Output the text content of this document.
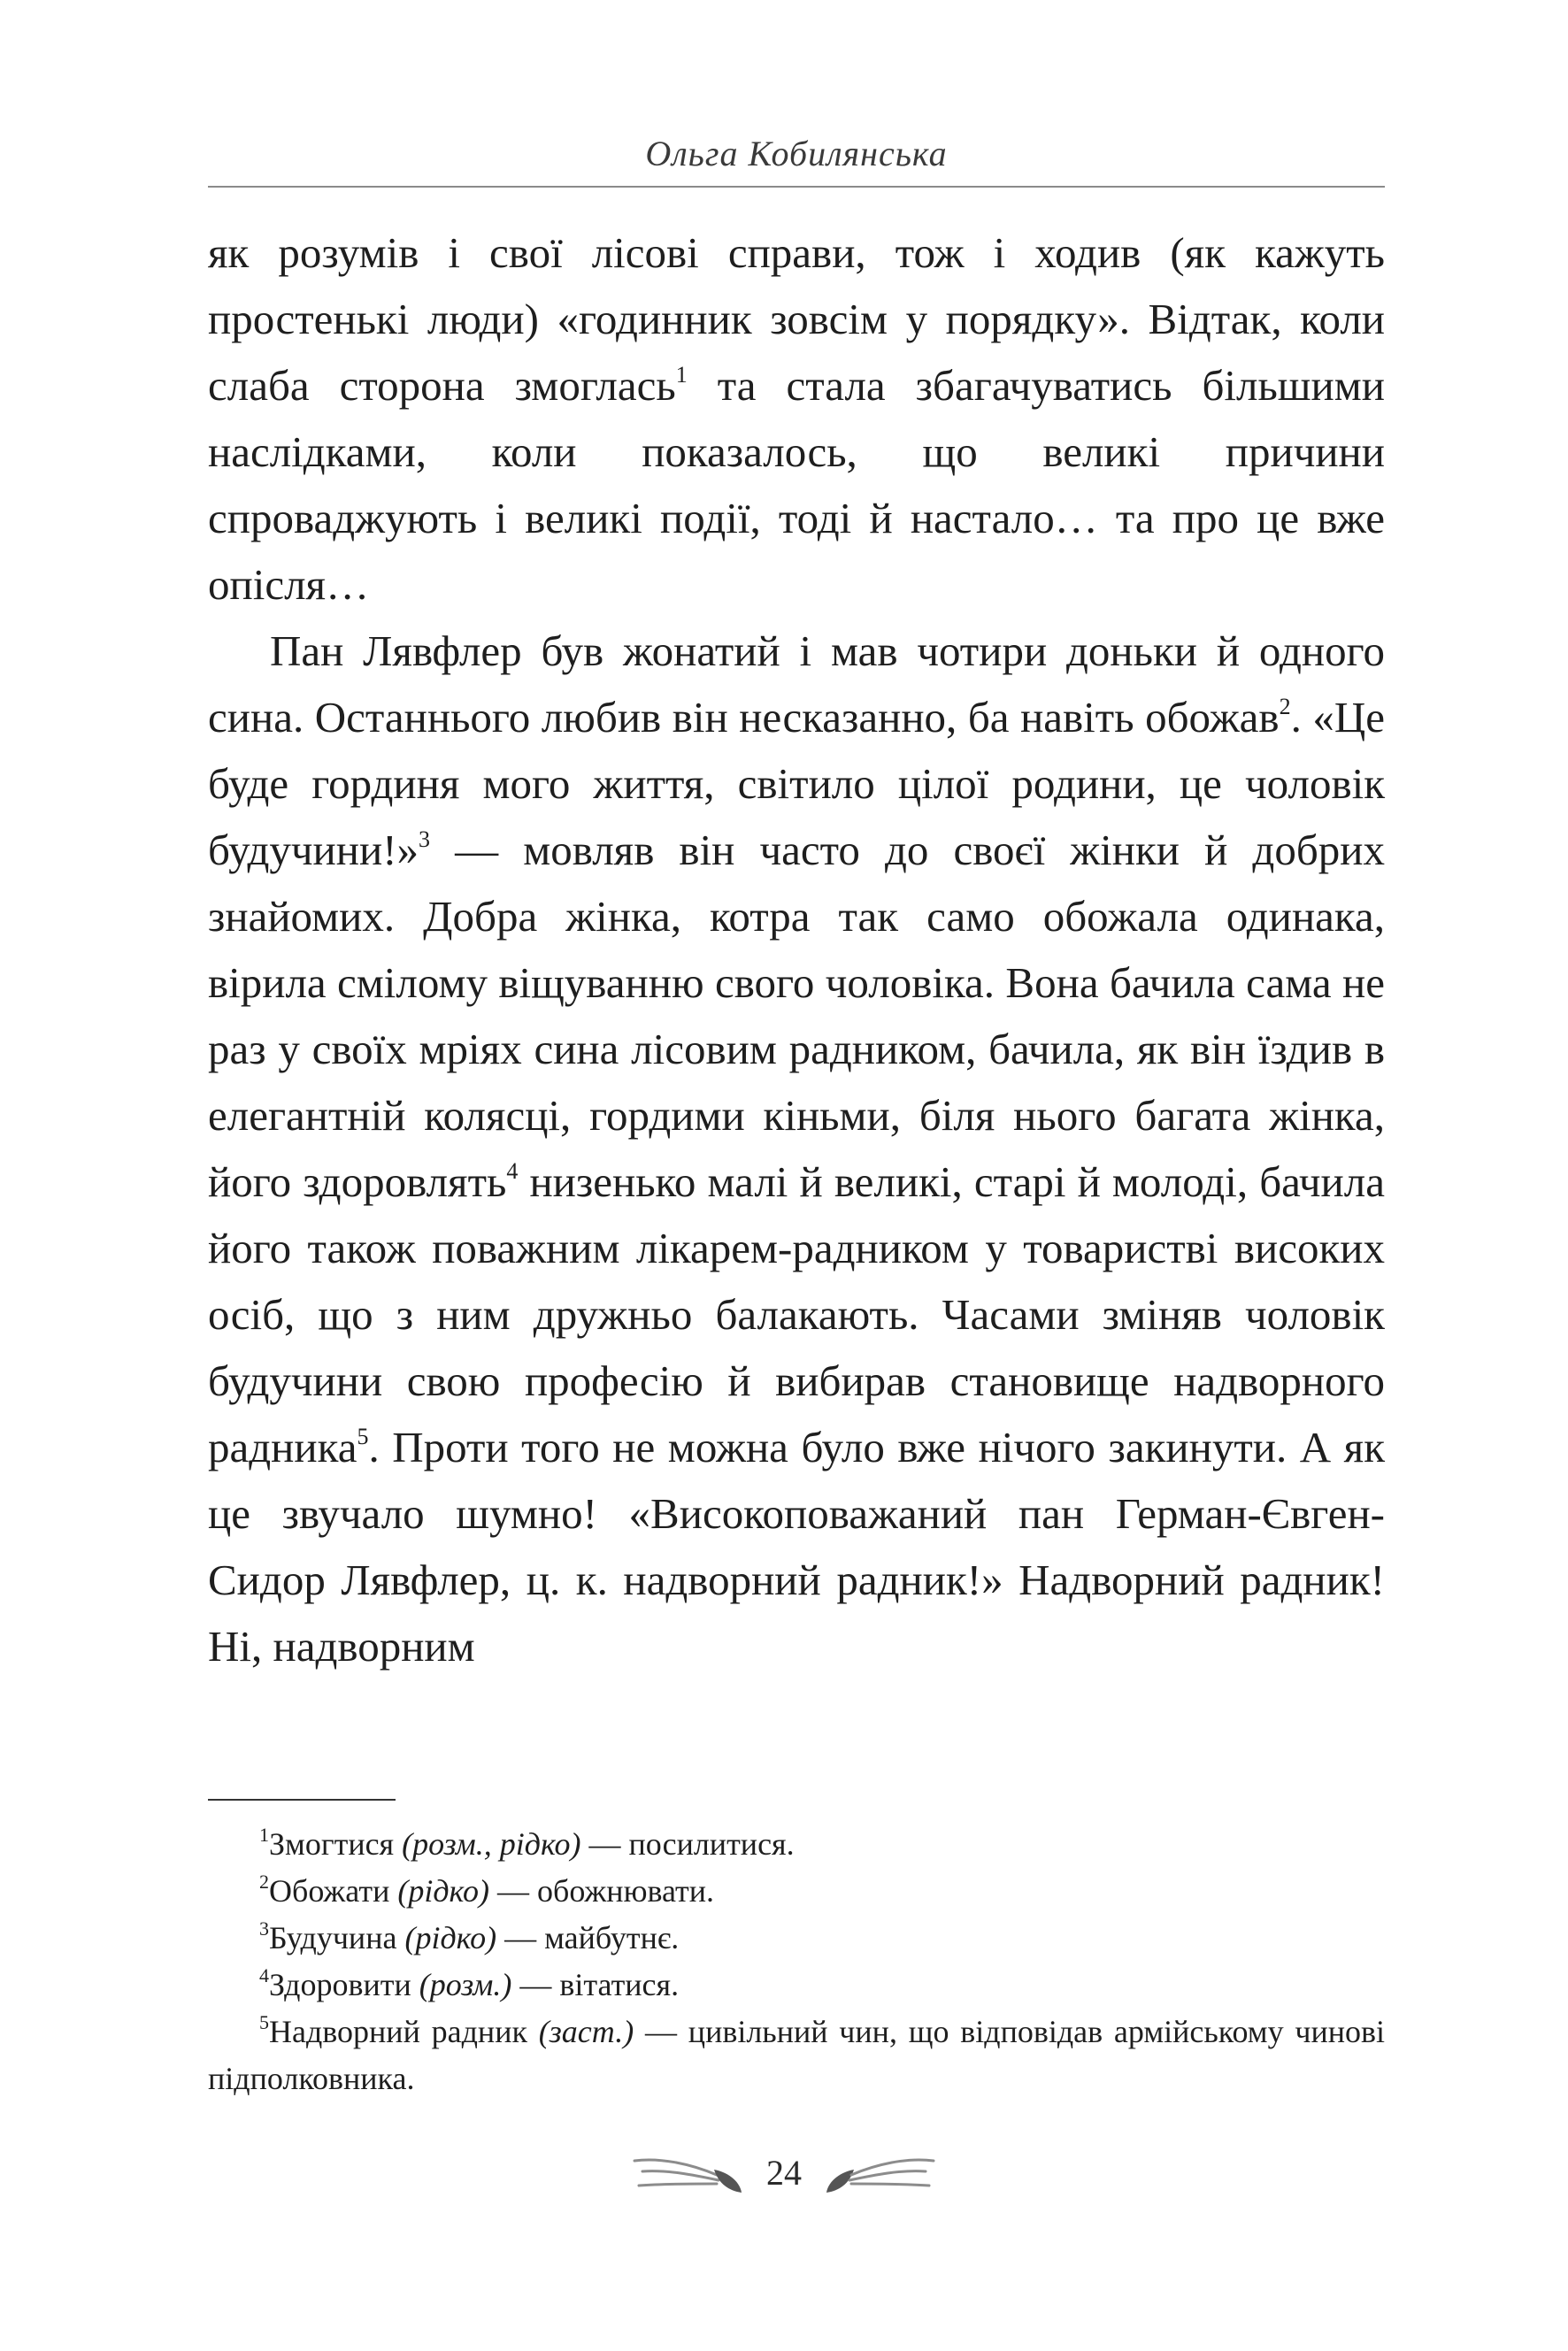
Ольга Кобилянська

як розумів і свої лісові справи, тож і ходив (як кажуть простенькі люди) «годинник зовсім у порядку». Відтак, коли слаба сторона змоглась$^1$ та стала збагачуватись більшими наслідками, коли показалось, що великі причини спроваджують і великі події, тоді й настало… та про це вже опісля…

Пан Лявфлер був жонатий і мав чотири доньки й одного сина. Останнього любив він несказанно, ба навіть обожав$^2$. «Це буде гординя мого життя, світило цілої родини, це чоловік будучини!»$^3$ — мовляв він часто до своєї жінки й добрих знайомих. Добра жінка, котра так само обожала одинака, вірила сміломy віщуванню свого чоловіка. Вона бачила сама не раз у своїх мріях сина лісовим радником, бачила, як він їздив в елегантній колясці, гордими кіньми, біля нього багата жінка, його здоровлять$^4$ низенько малі й великі, старі й молоді, бачила його також поважним лікарем-радником у товаристві високих осіб, що з ним дружньо балакають. Часами зміняв чоловік будучини свою професію й вибирав становище надворного радника$^5$. Проти того не можна було вже нічого закинути. А як це звучало шумно! «Високоповажаний пан Герман-Євген-Сидор Лявфлер, ц. к. надворний радник!» Надворний радник! Ні, надворним

$^1$Змогтися (розм., рідко) — посилитися.

$^2$Обожати (рідко) — обожнювати.

$^3$Будучина (рідко) — майбутнє.

$^4$Здоровити (розм.) — вітатися.

$^5$Надворний радник (заст.) — цивільний чин, що відповідав армійському чинові підполковника.

24
